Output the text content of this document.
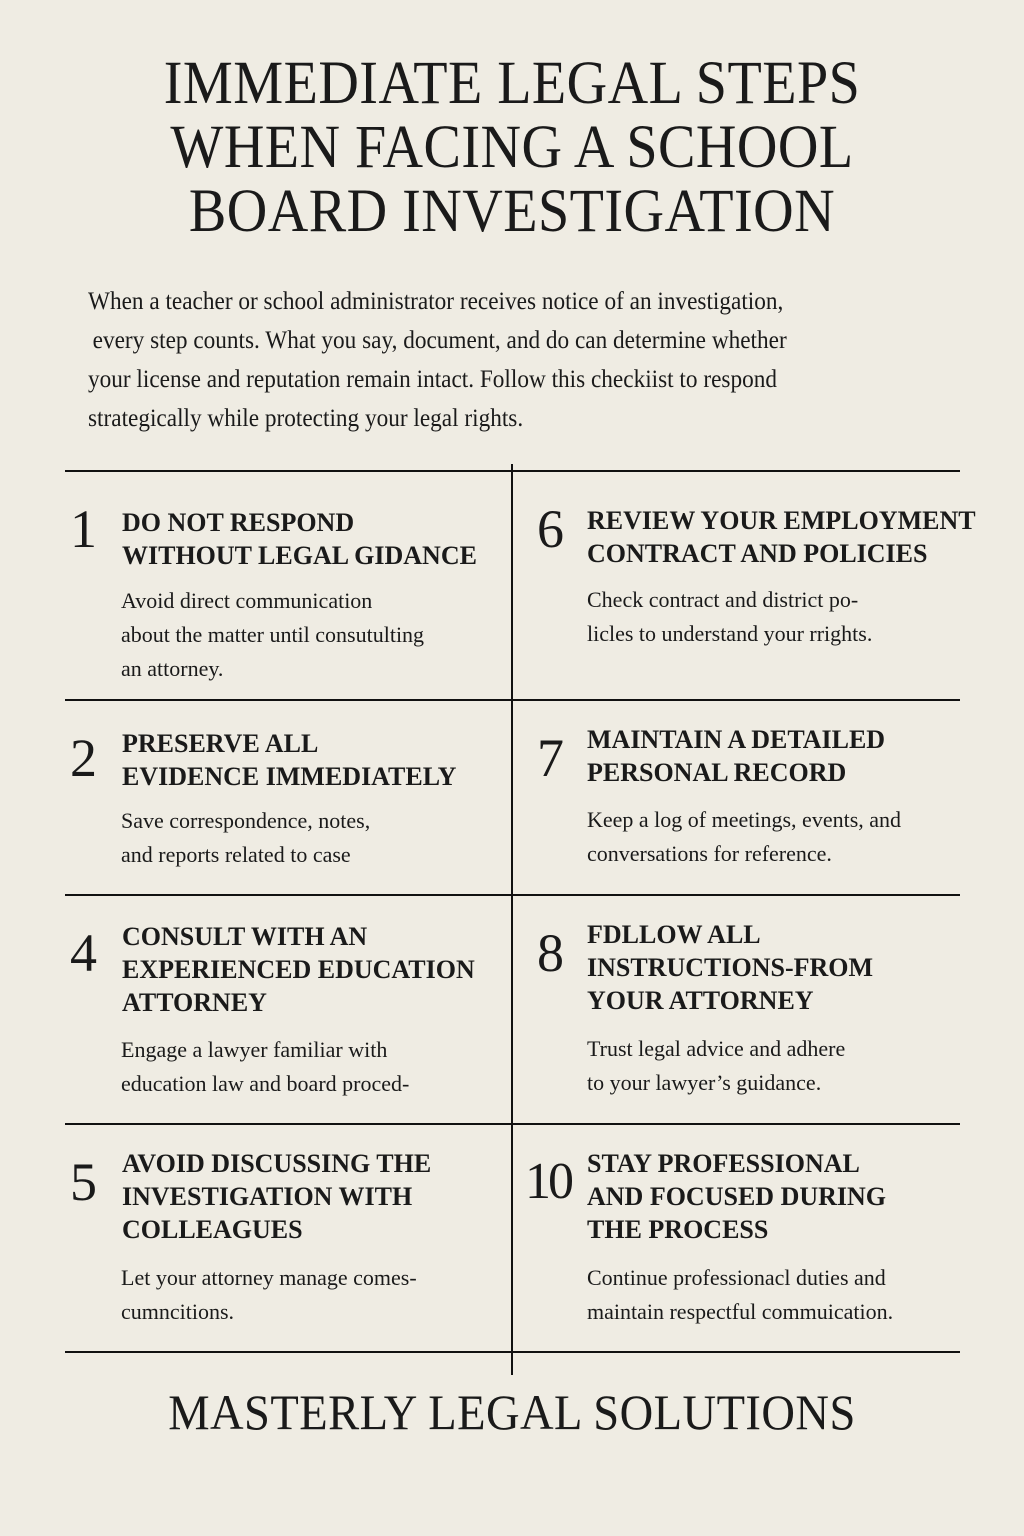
IMMEDIATE LEGAL STEPS
WHEN FACING A SCHOOL
BOARD INVESTIGATION

When a teacher or school administrator receives notice of an investigation,
every step counts. What you say, document, and do can determine whether
your license and reputation remain intact. Follow this checkiist to respond
strategically while protecting your legal rights.

1 DO NOT RESPOND
WITHOUT LEGAL GIDANCE
Avoid direct communication
about the matter until consutulting
an attorney.
6 REVIEW YOUR EMPLOYMENT
CONTRACT AND POLICIES
Check contract and district po-
licles to understand your rrights.
2 PRESERVE ALL
EVIDENCE IMMEDIATELY
Save correspondence, notes,
and reports related to case
7 MAINTAIN A DETAILED
PERSONAL RECORD
Keep a log of meetings, events, and
conversations for reference.
4 CONSULT WITH AN
EXPERIENCED EDUCATION
ATTORNEY
Engage a lawyer familiar with
education law and board proced-
8 FDLLOW ALL
INSTRUCTIONS-FROM
YOUR ATTORNEY
Trust legal advice and adhere
to your lawyer’s guidance.
5 AVOID DISCUSSING THE
INVESTIGATION WITH
COLLEAGUES
Let your attorney manage comes-
cumncitions.
10 STAY PROFESSIONAL
AND FOCUSED DURING
THE PROCESS
Continue professionacl duties and
maintain respectful commuication.
MASTERLY LEGAL SOLUTIONS
